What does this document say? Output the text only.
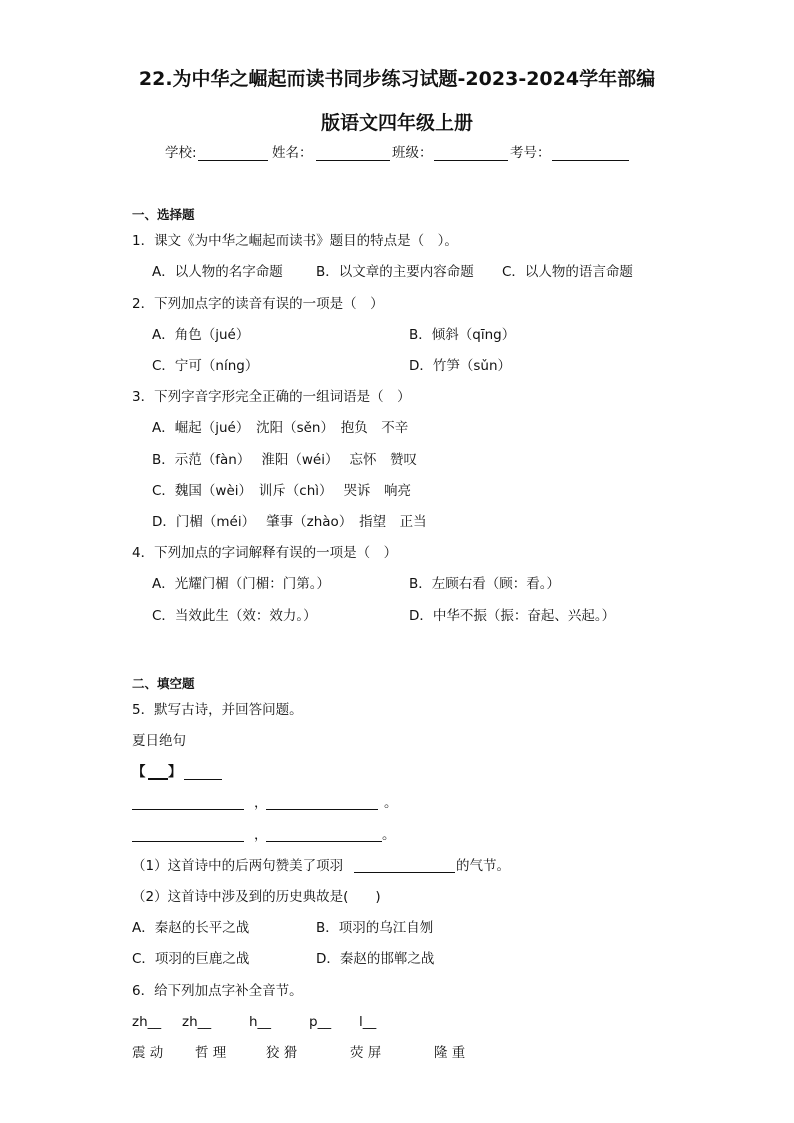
22.为中华之崛起而读书同步练习试题-2023-2024学年部编
版语文四年级上册
学校:	姓名：	班级：	考号：
一、选择题
1．课文《为中华之崛起而读书》题目的特点是（　）。
A．以人物的名字命题 B．以文章的主要内容命题 C．以人物的语言命题
2．下列加点字的读音有误的一项是（　）
A．角色（jué）	B．倾斜（qīng）
C．宁可（níng）	D．竹笋（sǔn）
3．下列字音字形完全正确的一组词语是（　）
A．崛起（jué）　沈阳（sěn）　抱负　不辛
B．示范（fàn）　 淮阳（wéi）　 忘怀　赞叹
C．魏国（wèi）　训斥（chì）　 哭诉　响亮
D．门楣（méi）　 肇事（zhào）　指望　正当
4．下列加点的字词解释有误的一项是（　）
A．光耀门楣（门楣：门第。）	B．左顾右看（顾：看。）
C．当效此生（效：效力。）	D．中华不振（振：奋起、兴起。）
二、填空题
5．默写古诗，并回答问题。
夏日绝句
【 】
，	。
，	。
（1）这首诗中的后两句赞美了项羽	的气节。
（2）这首诗中涉及到的历史典故是(　　)
A．秦赵的长平之战	B．项羽的乌江自刎
C．项羽的巨鹿之战	D．秦赵的邯郸之战
6．给下列加点字补全音节。
zh__ zh__	h__	p__ l__
震 动 哲 理	狡 猾	荧 屏	隆 重
